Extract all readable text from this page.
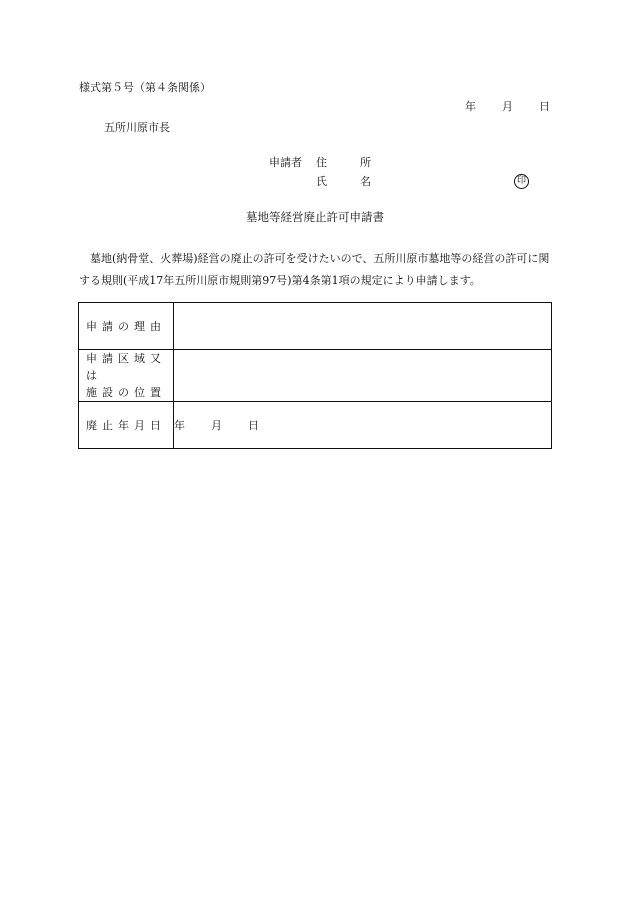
様式第５号（第４条関係）
年 月 日
五所川原市長
申請者 住	所
氏	名	印
墓地等経営廃止許可申請書
墓地(納骨堂、火葬場)経営の廃止の許可を受けたいので、五所川原市墓地等の経営の許可に関する規則(平成17年五所川原市規則第97号)第4条第1項の規定により申請します。
申請の理由	

申請区域又は
施設の位置	

廃止年月日	年 月 日
